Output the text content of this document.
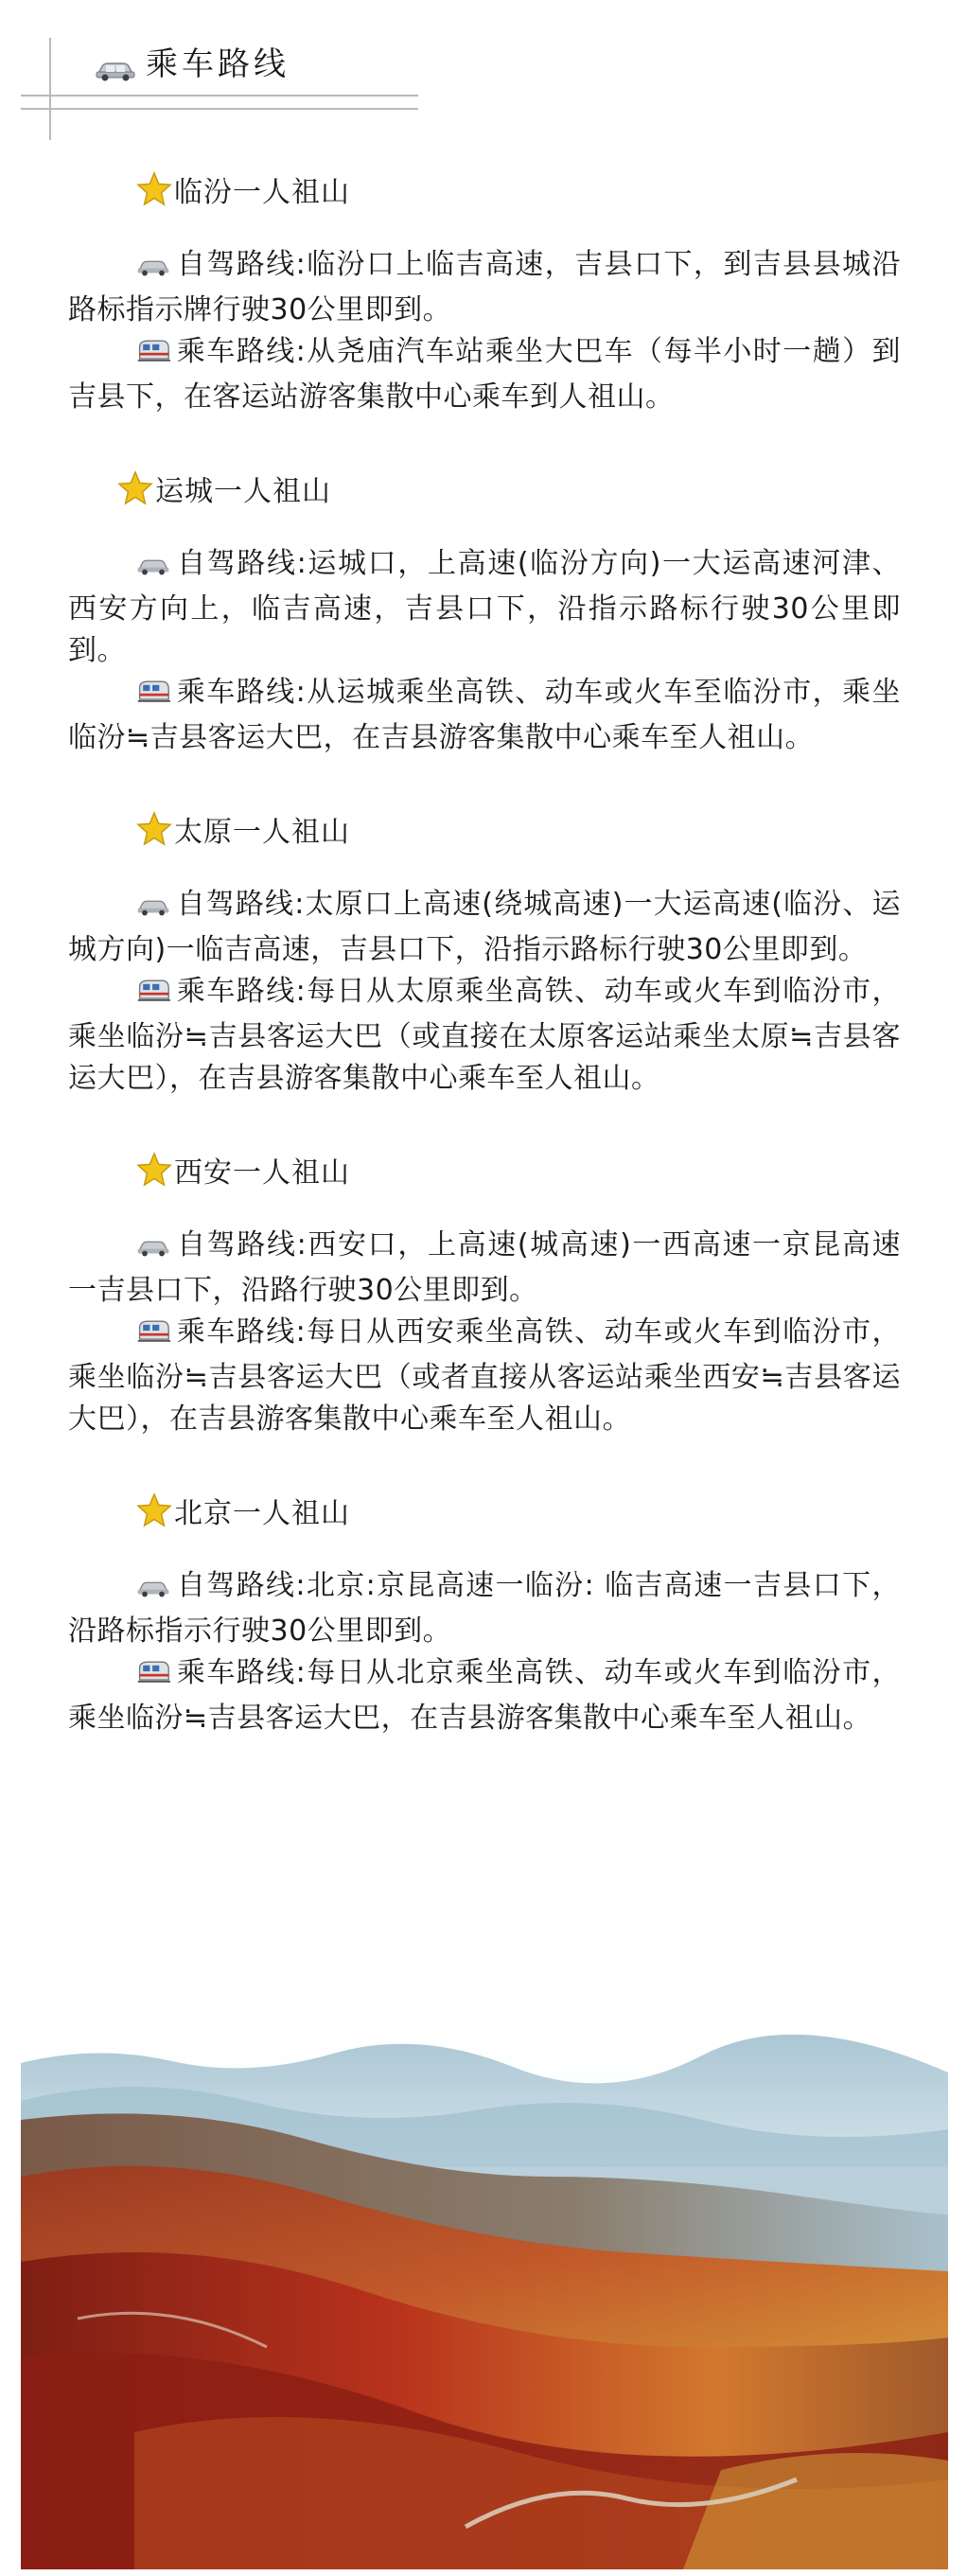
乘车路线
临汾一人祖山

自驾路线:临汾口上临吉高速，吉县口下，到吉县县城沿路标指示牌行驶30公里即到。

乘车路线:从尧庙汽车站乘坐大巴车（每半小时一趟）到吉县下，在客运站游客集散中心乘车到人祖山。

运城一人祖山

自驾路线:运城口，上高速(临汾方向)一大运高速河津、西安方向上，临吉高速，吉县口下，沿指示路标行驶30公里即到。

乘车路线:从运城乘坐高铁、动车或火车至临汾市，乘坐临汾≒吉县客运大巴，在吉县游客集散中心乘车至人祖山。

太原一人祖山

自驾路线:太原口上高速(绕城高速)一大运高速(临汾、运城方向)一临吉高速，吉县口下，沿指示路标行驶30公里即到。

乘车路线:每日从太原乘坐高铁、动车或火车到临汾市，乘坐临汾≒吉县客运大巴（或直接在太原客运站乘坐太原≒吉县客运大巴），在吉县游客集散中心乘车至人祖山。

西安一人祖山

自驾路线:西安口，上高速(城高速)一西高速一京昆高速一吉县口下，沿路行驶30公里即到。

乘车路线:每日从西安乘坐高铁、动车或火车到临汾市，乘坐临汾≒吉县客运大巴（或者直接从客运站乘坐西安≒吉县客运大巴），在吉县游客集散中心乘车至人祖山。

北京一人祖山

自驾路线:北京:京昆高速一临汾: 临吉高速一吉县口下，沿路标指示行驶30公里即到。

乘车路线:每日从北京乘坐高铁、动车或火车到临汾市，乘坐临汾≒吉县客运大巴，在吉县游客集散中心乘车至人祖山。
